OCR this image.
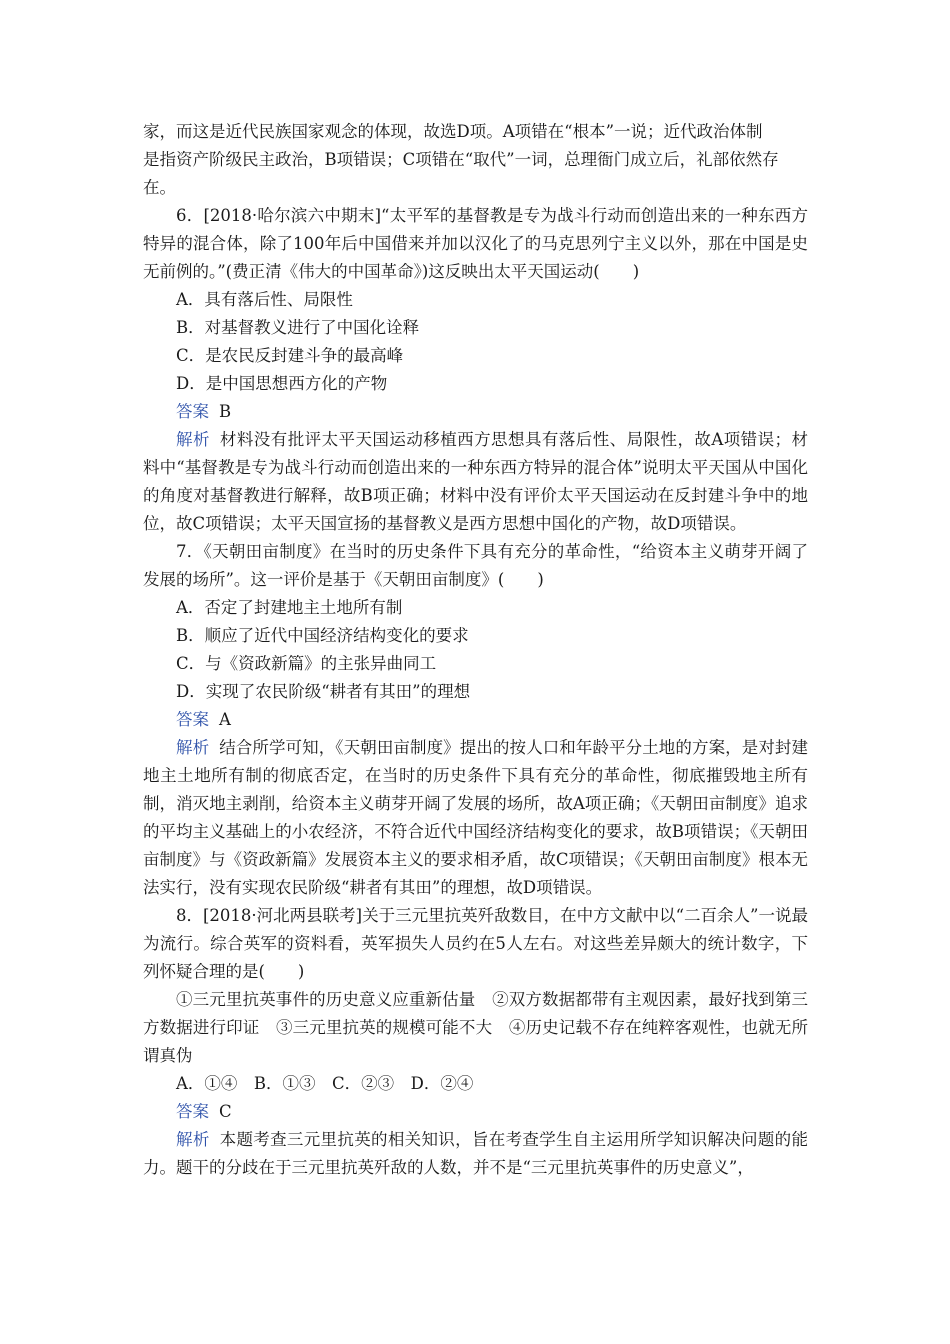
家，而这是近代民族国家观念的体现，故选D项。A项错在“根本”一说；近代政治体制

是指资产阶级民主政治，B项错误；C项错在“取代”一词，总理衙门成立后，礼部依然存

在。

6．[2018·哈尔滨六中期末]“太平军的基督教是专为战斗行动而创造出来的一种东西方特异的混合体，除了100年后中国借来并加以汉化了的马克思列宁主义以外，那在中国是史无前例的。”(费正清《伟大的中国革命》)这反映出太平天国运动(　　)

A．具有落后性、局限性

B．对基督教义进行了中国化诠释

C．是农民反封建斗争的最高峰

D．是中国思想西方化的产物

答案 B

解析 材料没有批评太平天国运动移植西方思想具有落后性、局限性，故A项错误；材料中“基督教是专为战斗行动而创造出来的一种东西方特异的混合体”说明太平天国从中国化的角度对基督教进行解释，故B项正确；材料中没有评价太平天国运动在反封建斗争中的地位，故C项错误；太平天国宣扬的基督教义是西方思想中国化的产物，故D项错误。

7．《天朝田亩制度》在当时的历史条件下具有充分的革命性，“给资本主义萌芽开阔了发展的场所”。这一评价是基于《天朝田亩制度》(　　)

A．否定了封建地主土地所有制

B．顺应了近代中国经济结构变化的要求

C．与《资政新篇》的主张异曲同工

D．实现了农民阶级“耕者有其田”的理想

答案 A

解析 结合所学可知，《天朝田亩制度》提出的按人口和年龄平分土地的方案，是对封建地主土地所有制的彻底否定，在当时的历史条件下具有充分的革命性，彻底摧毁地主所有制，消灭地主剥削，给资本主义萌芽开阔了发展的场所，故A项正确；《天朝田亩制度》追求的平均主义基础上的小农经济，不符合近代中国经济结构变化的要求，故B项错误；《天朝田亩制度》与《资政新篇》发展资本主义的要求相矛盾，故C项错误；《天朝田亩制度》根本无法实行，没有实现农民阶级“耕者有其田”的理想，故D项错误。

8．[2018·河北两县联考]关于三元里抗英歼敌数目，在中方文献中以“二百余人”一说最为流行。综合英军的资料看，英军损失人员约在5人左右。对这些差异颇大的统计数字，下列怀疑合理的是(　　)

①三元里抗英事件的历史意义应重新估量　②双方数据都带有主观因素，最好找到第三方数据进行印证　③三元里抗英的规模可能不大　④历史记载不存在纯粹客观性，也就无所谓真伪

A．①④　B．①③　C．②③　D．②④

答案 C

解析 本题考查三元里抗英的相关知识，旨在考查学生自主运用所学知识解决问题的能力。题干的分歧在于三元里抗英歼敌的人数，并不是“三元里抗英事件的历史意义”，
